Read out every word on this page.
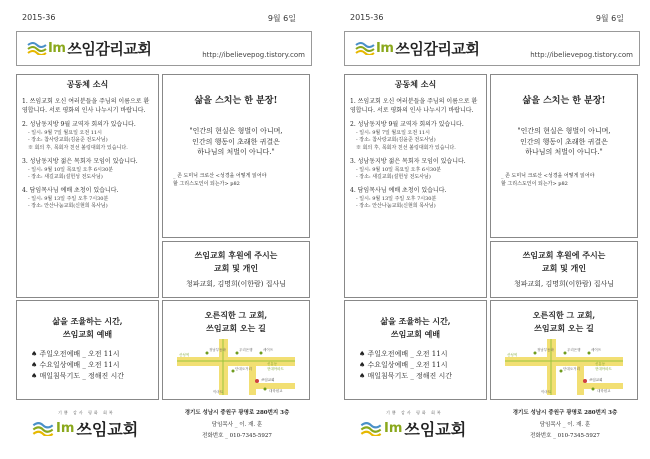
2015-36	9월 6일
Im 쓰임감리교회	http://ibelievepog.tistory.com
공동체 소식
1. 쓰임교회 오신 여러분들을 주님의 이름으로 환영합니다. 서로 평화의 인사 나누시기 바랍니다.
2. 성남동지방 9월 교역자 회의가 있습니다.
- 일시: 9월 7일 월요일 오전 11시
- 장소: 참사랑교회(김윤준 전도사님)
※ 회의 후, 목회자 친선 볼링대회가 있습니다.
3. 성남동지방 젊은 목회자 모임이 있습니다.
- 일시: 9월 10일 목요일 오후 6시30분
- 장소: 새길교회(설헌성 전도사님)
4. 담임목사님 예배 초청이 있습니다.
- 일시: 9월 13일 주일 오후 7시30분
- 장소: 안산나눔교회(신현희 목사님)
삶을 스치는 한 분장!
"인간의 현실은 형벌이 아니며,
인간의 행동이 초래한 귀결은
하나님의 처벌이 아니다."
_ 존 도미닉 크로산 <성경을 어떻게 읽어야
할 그리스도인이 되는가> p82
쓰임교회 후원에 주시는
교회 및 개인
청파교회, 김명희(이한람) 집사님
삶을 조율하는 시간,
쓰임교회 예배
♠ 주일오전예배 _ 오전 11시
♠ 수요일상예배 _ 오전 11시
♠ 매일침묵기도 _ 정해진 시간
오른직한 그 교회,
쓰임교회 오는 길
정남부동파	우리은행	세이프
산성역
단대오거리
신흥동
현대아파트
쓰임교회
대학원교
이마트
기쁨 감사 평화 회복
Im 쓰임교회
경기도 성남시 중원구 광명로 280번지 3층
담임목사 _ 이. 재. 훈
전화번호 _ 010-7345-5927
2015-36	9월 6일
Im 쓰임감리교회	http://ibelievepog.tistory.com
공동체 소식
1. 쓰임교회 오신 여러분들을 주님의 이름으로 환영합니다. 서로 평화의 인사 나누시기 바랍니다.
2. 성남동지방 9월 교역자 회의가 있습니다.
- 일시: 9월 7일 월요일 오전 11시
- 장소: 참사랑교회(김윤준 전도사님)
※ 회의 후, 목회자 친선 볼링대회가 있습니다.
3. 성남동지방 젊은 목회자 모임이 있습니다.
- 일시: 9월 10일 목요일 오후 6시30분
- 장소: 새길교회(설헌성 전도사님)
4. 담임목사님 예배 초청이 있습니다.
- 일시: 9월 13일 주일 오후 7시30분
- 장소: 안산나눔교회(신현희 목사님)
삶을 스치는 한 분장!
"인간의 현실은 형벌이 아니며,
인간의 행동이 초래한 귀결은
하나님의 처벌이 아니다."
_ 존 도미닉 크로산 <성경을 어떻게 읽어야
할 그리스도인이 되는가> p82
쓰임교회 후원에 주시는
교회 및 개인
청파교회, 김명희(이한람) 집사님
삶을 조율하는 시간,
쓰임교회 예배
♠ 주일오전예배 _ 오전 11시
♠ 수요일상예배 _ 오전 11시
♠ 매일침묵기도 _ 정해진 시간
오른직한 그 교회,
쓰임교회 오는 길
정남부동파	우리은행	세이프
산성역
단대오거리
신흥동
현대아파트
쓰임교회
대학원교
이마트
기쁨 감사 평화 회복
Im 쓰임교회
경기도 성남시 중원구 광명로 280번지 3층
담임목사 _ 이. 재. 훈
전화번호 _ 010-7345-5927
